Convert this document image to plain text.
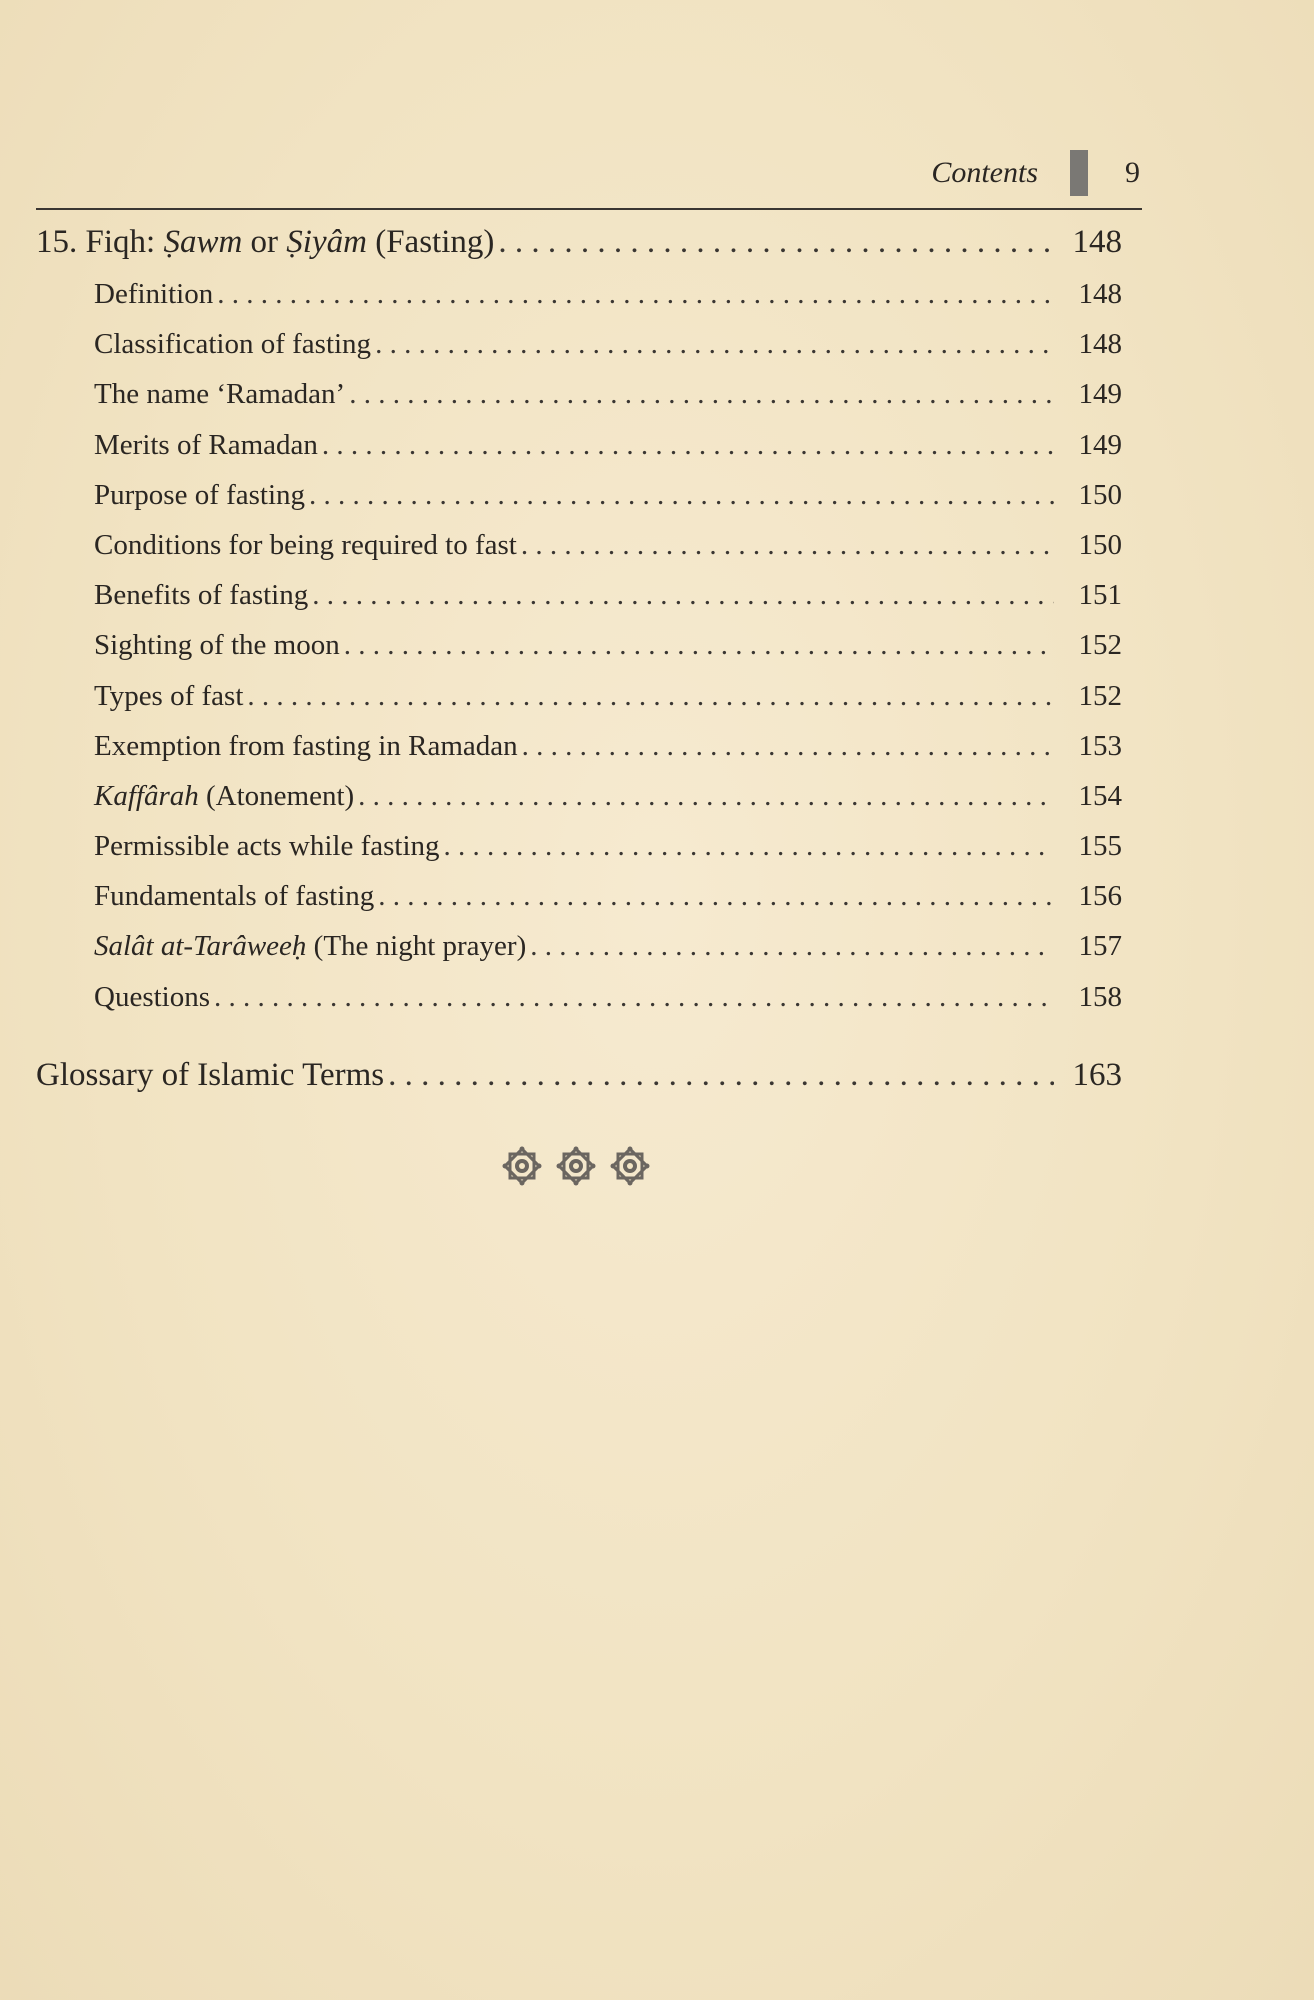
Contents	9
15. Fiqh: Ṣawm or Ṣiyâm (Fasting) . . .	148
Definition . . .	148
Classification of fasting . . .	148
The name ‘Ramadan’ . . .	149
Merits of Ramadan . . .	149
Purpose of fasting . . .	150
Conditions for being required to fast . . .	150
Benefits of fasting . . .	151
Sighting of the moon . . .	152
Types of fast . . .	152
Exemption from fasting in Ramadan . . .	153
Kaffârah (Atonement) . . .	154
Permissible acts while fasting . . .	155
Fundamentals of fasting . . .	156
Salât at-Tarâweeḥ (The night prayer) . . .	157
Questions . . .	158
Glossary of Islamic Terms . . .	163
